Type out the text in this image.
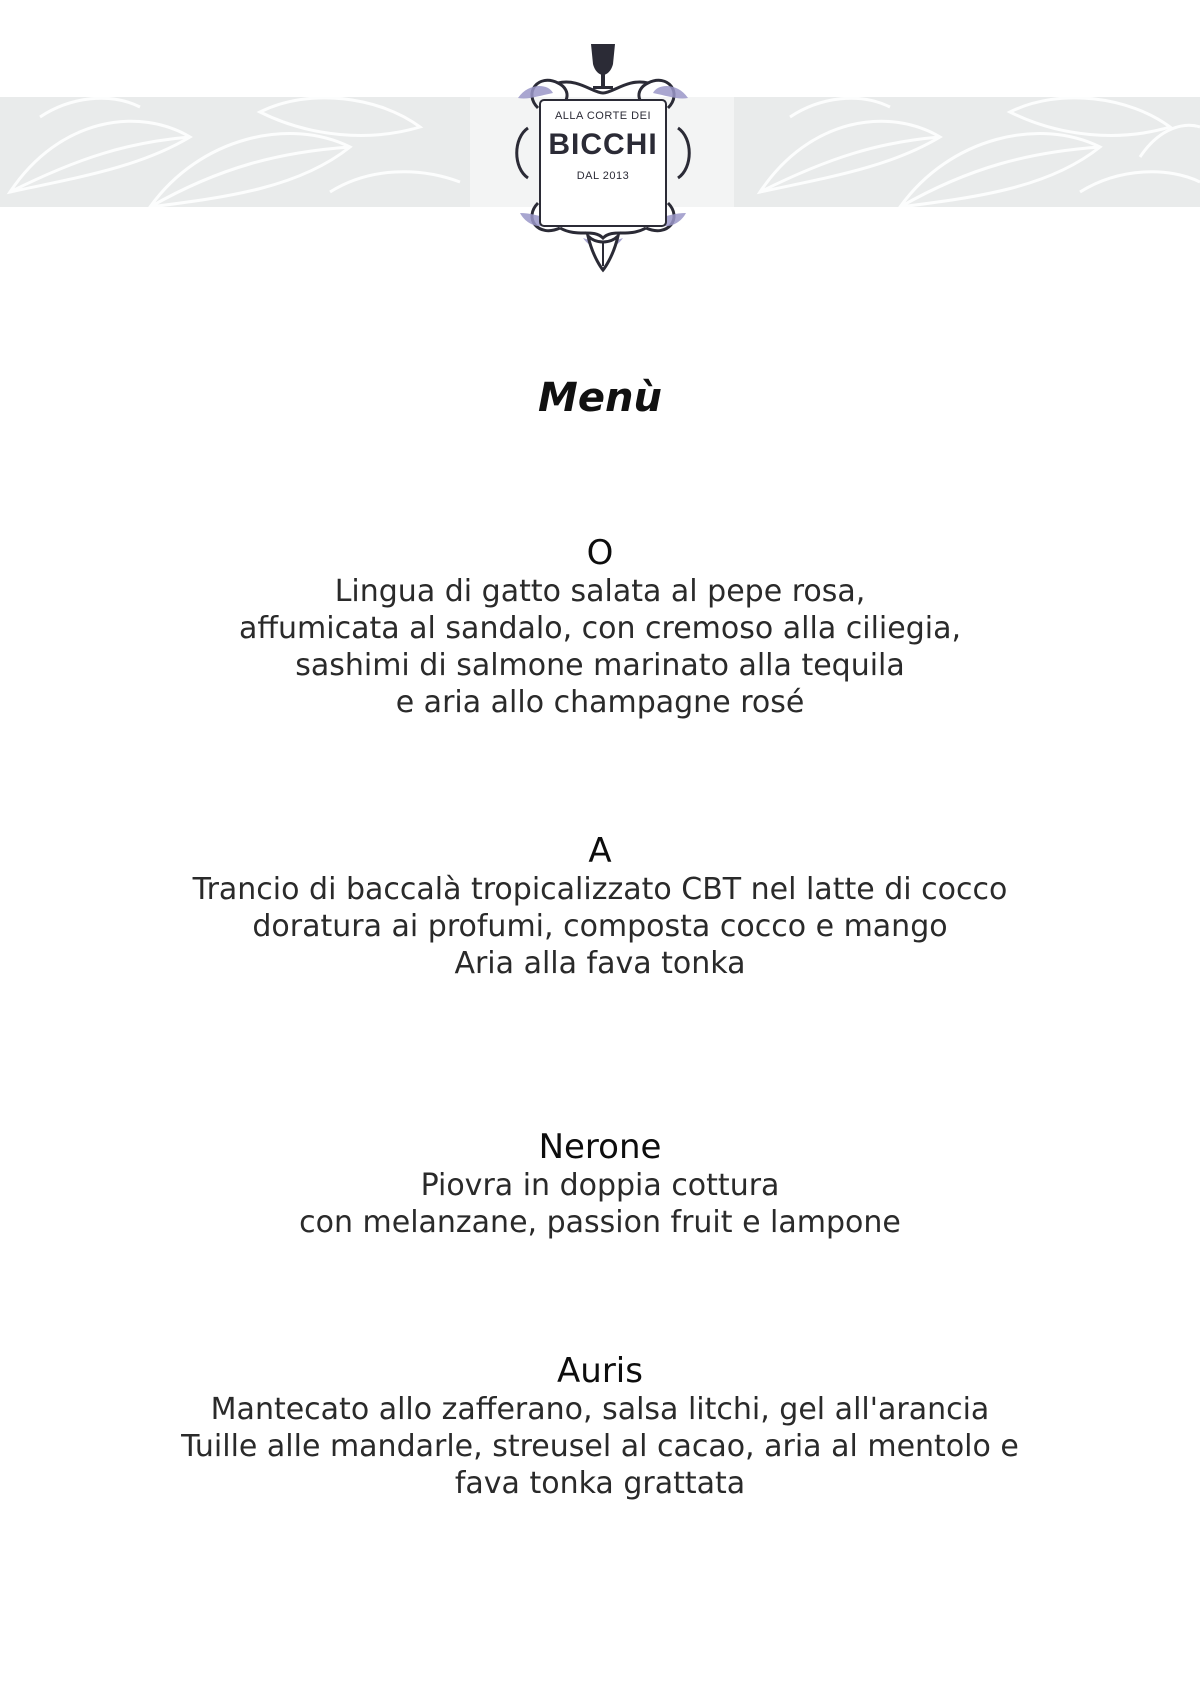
ALLA CORTE DEI
BICCHI
DAL 2013
Menù
O
Lingua di gatto salata al pepe rosa,
affumicata al sandalo, con cremoso alla ciliegia,
sashimi di salmone marinato alla tequila
e aria allo champagne rosé
A
Trancio di baccalà tropicalizzato CBT nel latte di cocco
doratura ai profumi, composta cocco e mango
Aria alla fava tonka
Nerone
Piovra in doppia cottura
con melanzane, passion fruit e lampone
Auris
Mantecato allo zafferano, salsa litchi, gel all'arancia
Tuille alle mandarle, streusel al cacao, aria al mentolo e
fava tonka grattata
